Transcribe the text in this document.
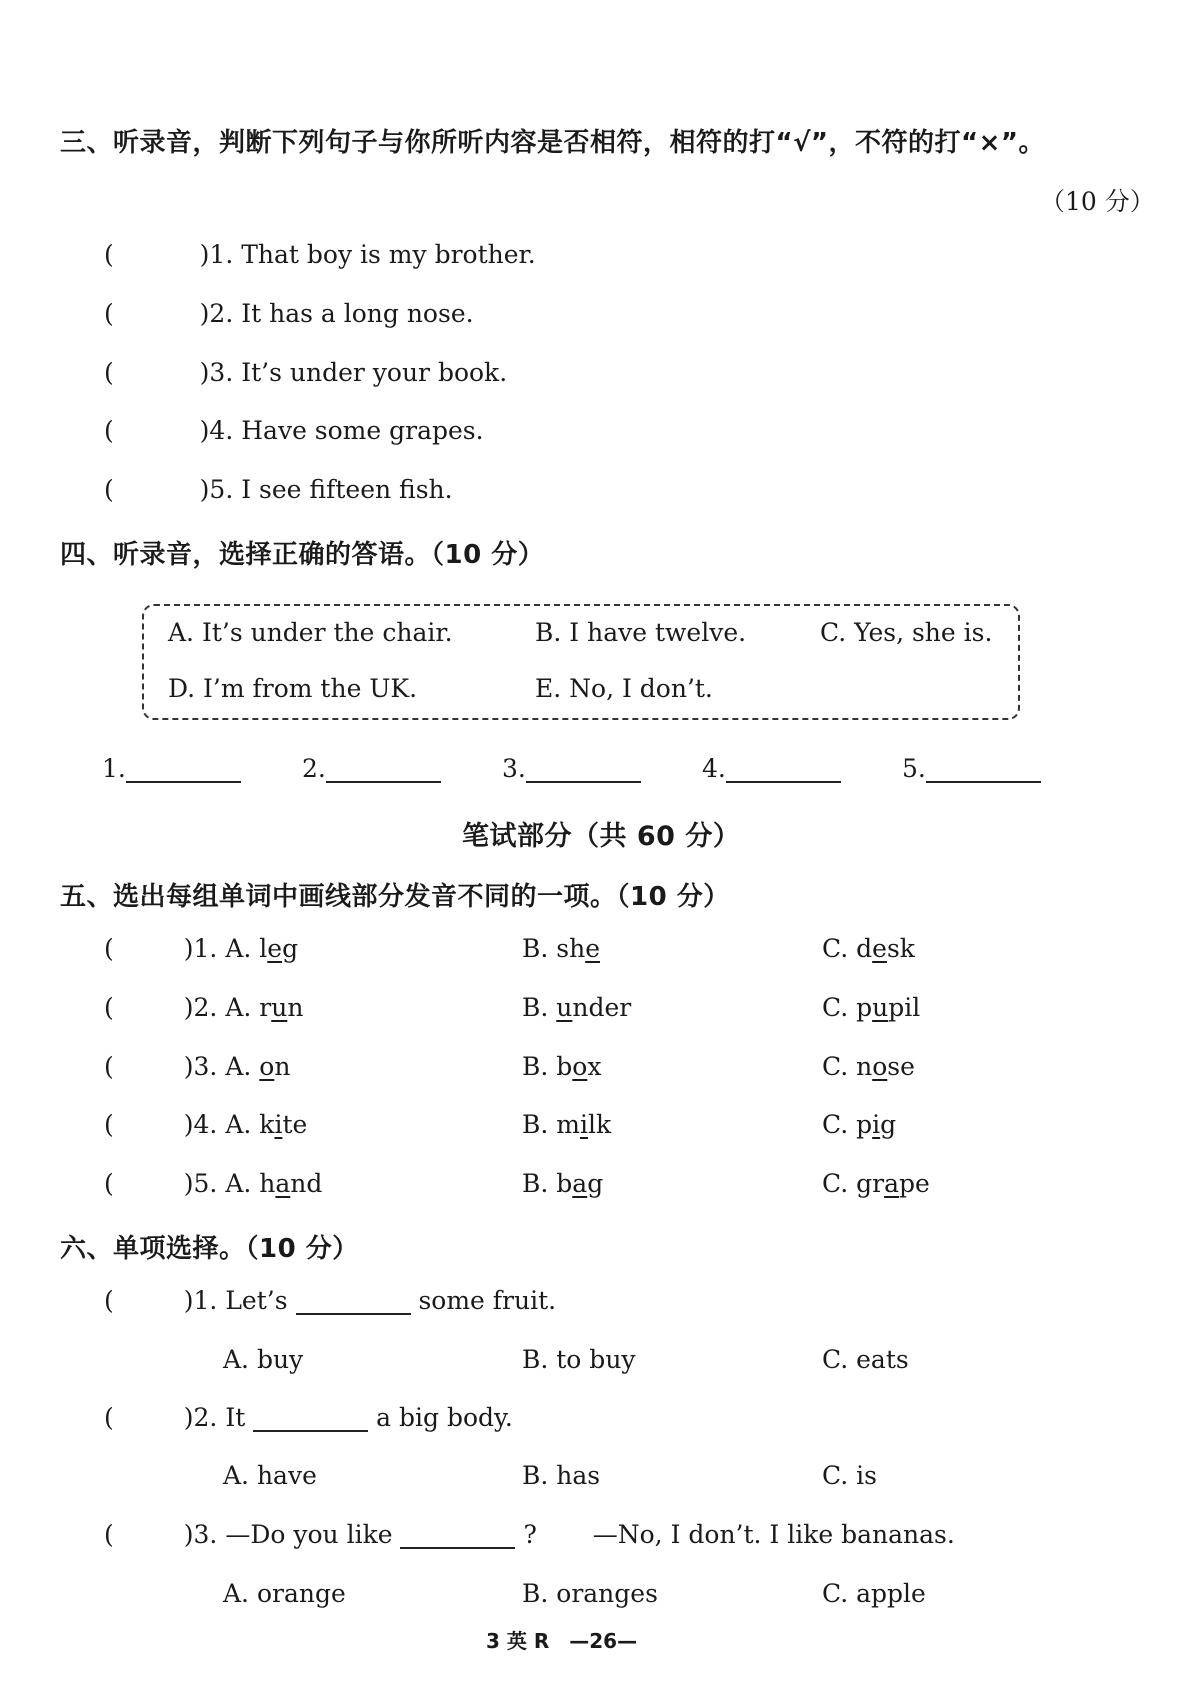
三、听录音，判断下列句子与你所听内容是否相符，相符的打“√”，不符的打“×”。
（10 分）
(	)1. That boy is my brother.
(	)2. It has a long nose.
(	)3. It’s under your book.
(	)4. Have some grapes.
(	)5. I see fifteen fish.
四、听录音，选择正确的答语。（10 分）
A. It’s under the chair.	B. I have twelve.	C. Yes, she is.
D. I’m from the UK.	E. No, I don’t.
1.	2.	3.	4.	5.
笔试部分（共 60 分）
五、选出每组单词中画线部分发音不同的一项。（10 分）
(	)1. A. leg	B. she	C. desk
(	)2. A. run	B. under	C. pupil
(	)3. A. on	B. box	C. nose
(	)4. A. kite	B. milk	C. pig
(	)5. A. hand	B. bag	C. grape
六、单项选择。（10 分）
(	)1. Let’s	some fruit.
A. buy	B. to buy	C. eats
(	)2. It	a big body.
A. have	B. has	C. is
(	)3. —Do you like	? —No, I don’t. I like bananas.
A. orange	B. oranges	C. apple
3 英 R　—26—
